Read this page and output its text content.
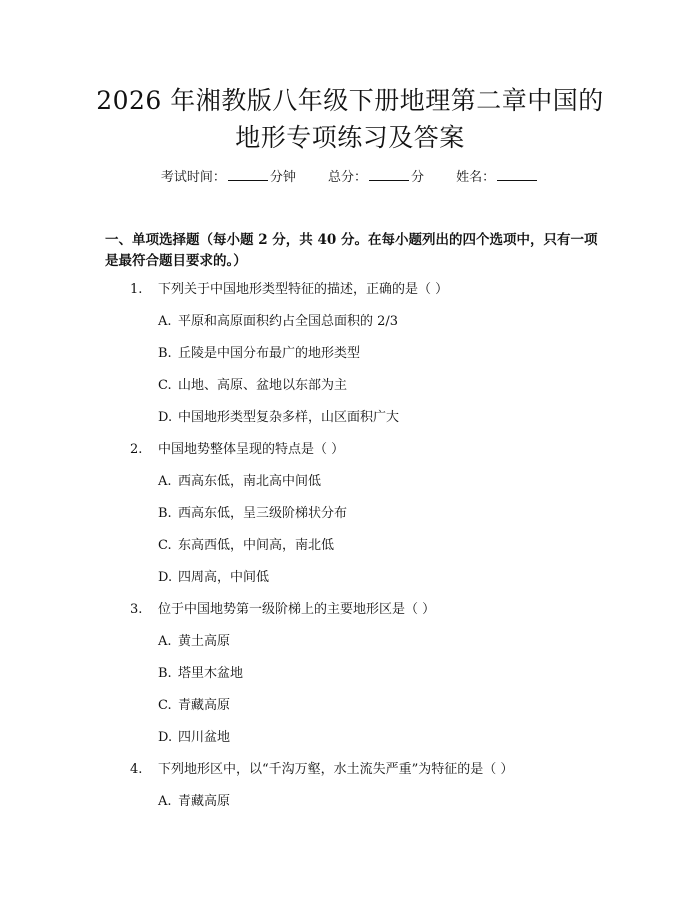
2026 年湘教版八年级下册地理第二章中国的
地形专项练习及答案
考试时间：	分钟 总分：	分 姓名：

一、单项选择题（每小题 2 分，共 40 分。在每小题列出的四个选项中，只有一项是最符合题目要求的。）

1. 下列关于中国地形类型特征的描述，正确的是（ ）
A. 平原和高原面积约占全国总面积的 2/3
B. 丘陵是中国分布最广的地形类型
C. 山地、高原、盆地以东部为主
D. 中国地形类型复杂多样，山区面积广大
2. 中国地势整体呈现的特点是（ ）
A. 西高东低，南北高中间低
B. 西高东低，呈三级阶梯状分布
C. 东高西低，中间高，南北低
D. 四周高，中间低
3. 位于中国地势第一级阶梯上的主要地形区是（ ）
A. 黄土高原
B. 塔里木盆地
C. 青藏高原
D. 四川盆地
4. 下列地形区中，以“千沟万壑，水土流失严重”为特征的是（ ）
A. 青藏高原
